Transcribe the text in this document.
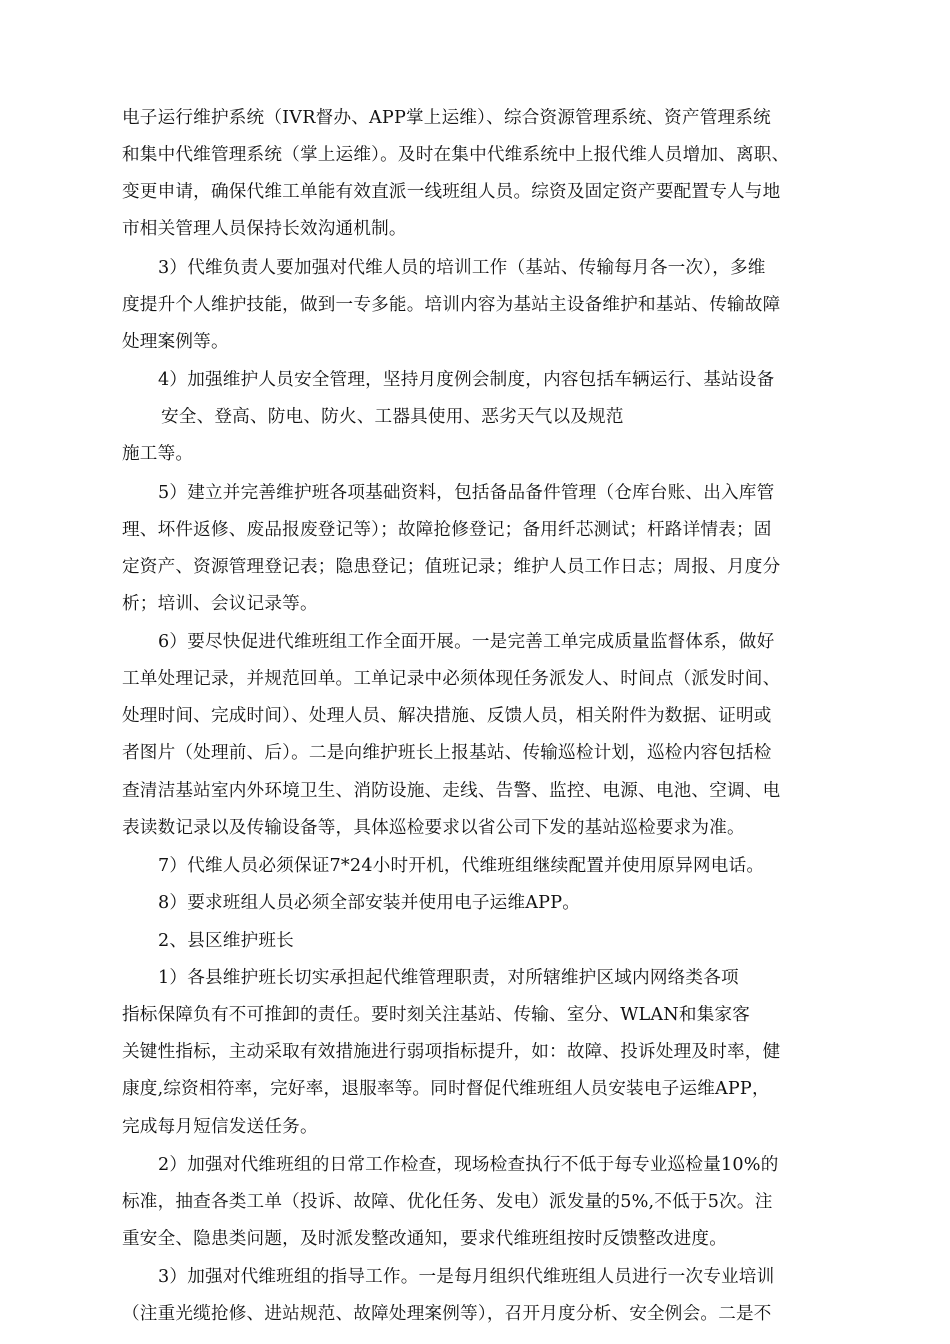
电子运行维护系统（IVR督办、APP掌上运维）、综合资源管理系统、资产管理系统
和集中代维管理系统（掌上运维）。及时在集中代维系统中上报代维人员增加、离职、
变更申请，确保代维工单能有效直派一线班组人员。综资及固定资产要配置专人与地
市相关管理人员保持长效沟通机制。
3）代维负责人要加强对代维人员的培训工作（基站、传输每月各一次），多维
度提升个人维护技能，做到一专多能。培训内容为基站主设备维护和基站、传输故障
处理案例等。
4）加强维护人员安全管理，坚持月度例会制度，内容包括车辆运行、基站设备
安全、登高、防电、防火、工器具使用、恶劣天气以及规范
施工等。
5）建立并完善维护班各项基础资料，包括备品备件管理（仓库台账、出入库管
理、坏件返修、废品报废登记等）；故障抢修登记；备用纤芯测试；杆路详情表；固
定资产、资源管理登记表；隐患登记；值班记录；维护人员工作日志；周报、月度分
析；培训、会议记录等。
6）要尽快促进代维班组工作全面开展。一是完善工单完成质量监督体系，做好
工单处理记录，并规范回单。工单记录中必须体现任务派发人、时间点（派发时间、
处理时间、完成时间）、处理人员、解决措施、反馈人员，相关附件为数据、证明或
者图片（处理前、后）。二是向维护班长上报基站、传输巡检计划，巡检内容包括检
查清洁基站室内外环境卫生、消防设施、走线、告警、监控、电源、电池、空调、电
表读数记录以及传输设备等，具体巡检要求以省公司下发的基站巡检要求为准。
7）代维人员必须保证7*24小时开机，代维班组继续配置并使用原异网电话。
8）要求班组人员必须全部安装并使用电子运维APP。
2、县区维护班长
1）各县维护班长切实承担起代维管理职责，对所辖维护区域内网络类各项
指标保障负有不可推卸的责任。要时刻关注基站、传输、室分、WLAN和集家客
关键性指标，主动采取有效措施进行弱项指标提升，如：故障、投诉处理及时率，健
康度,综资相符率，完好率，退服率等。同时督促代维班组人员安装电子运维APP，
完成每月短信发送任务。
2）加强对代维班组的日常工作检查，现场检查执行不低于每专业巡检量10%的
标准，抽查各类工单（投诉、故障、优化任务、发电）派发量的5%,不低于5次。注
重安全、隐患类问题，及时派发整改通知，要求代维班组按时反馈整改进度。
3）加强对代维班组的指导工作。一是每月组织代维班组人员进行一次专业培训
（注重光缆抢修、进站规范、故障处理案例等），召开月度分析、安全例会。二是不
